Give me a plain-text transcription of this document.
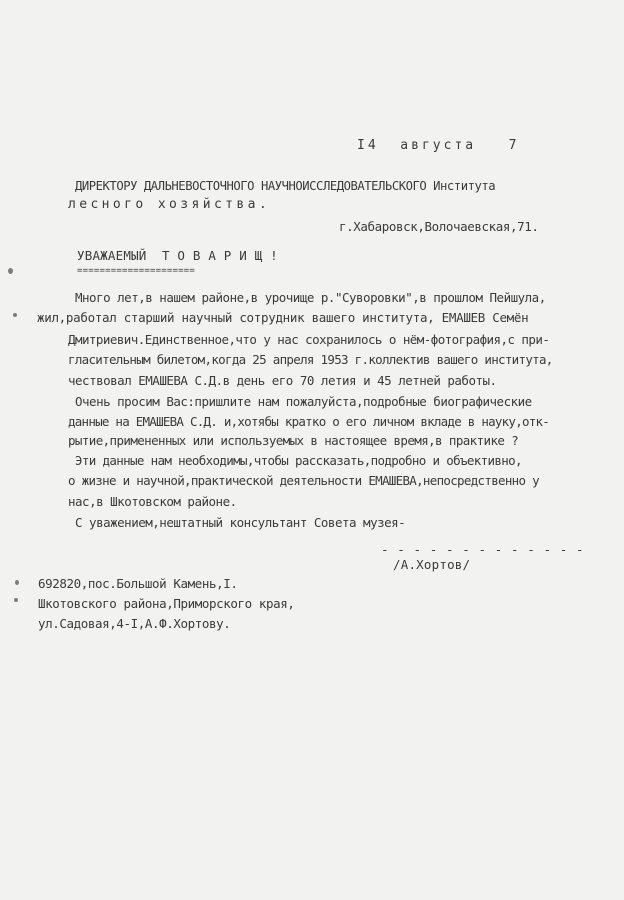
I4  августа   7
ДИРЕКТОРУ ДАЛЬНЕВОСТОЧНОГО НАУЧНОИССЛЕДОВАТЕЛЬСКОГО Института
лесного хозяйства.
г.Хабаровск,Волочаевская,71.
УВАЖАЕМЫЙ  Т О В А Р И Щ !
=====================
Много лет,в нашем районе,в урочище р."Суворовки",в прошлом Пейшула,
жил,работал старший научный сотрудник вашего института, ЕМАШЕВ Семён
Дмитриевич.Единственное,что у нас сохранилось о нём-фотография,с при-
гласительным билетом,когда 25 апреля 1953 г.коллектив вашего института,
чествовал ЕМАШЕВА С.Д.в день его 70 летия и 45 летней работы.
Очень просим Вас:пришлите нам пожалуйста,подробные биографические
данные на ЕМАШЕВА С.Д. и,хотябы кратко о его личном вкладе в науку,отк-
рытие,примененных или используемых в настоящее время,в практике ?
Эти данные нам необходимы,чтобы рассказать,подробно и объективно,
о жизне и научной,практической деятельности ЕМАШЕВА,непосредственно у
нас,в Шкотовском районе.
С уважением,нештатный консультант Совета музея-
- - - - - - - - - - - - -
/А.Хортов/
692820,пос.Большой Камень,I.
Шкотовского района,Приморского края,
ул.Садовая,4-I,А.Ф.Хортову.
